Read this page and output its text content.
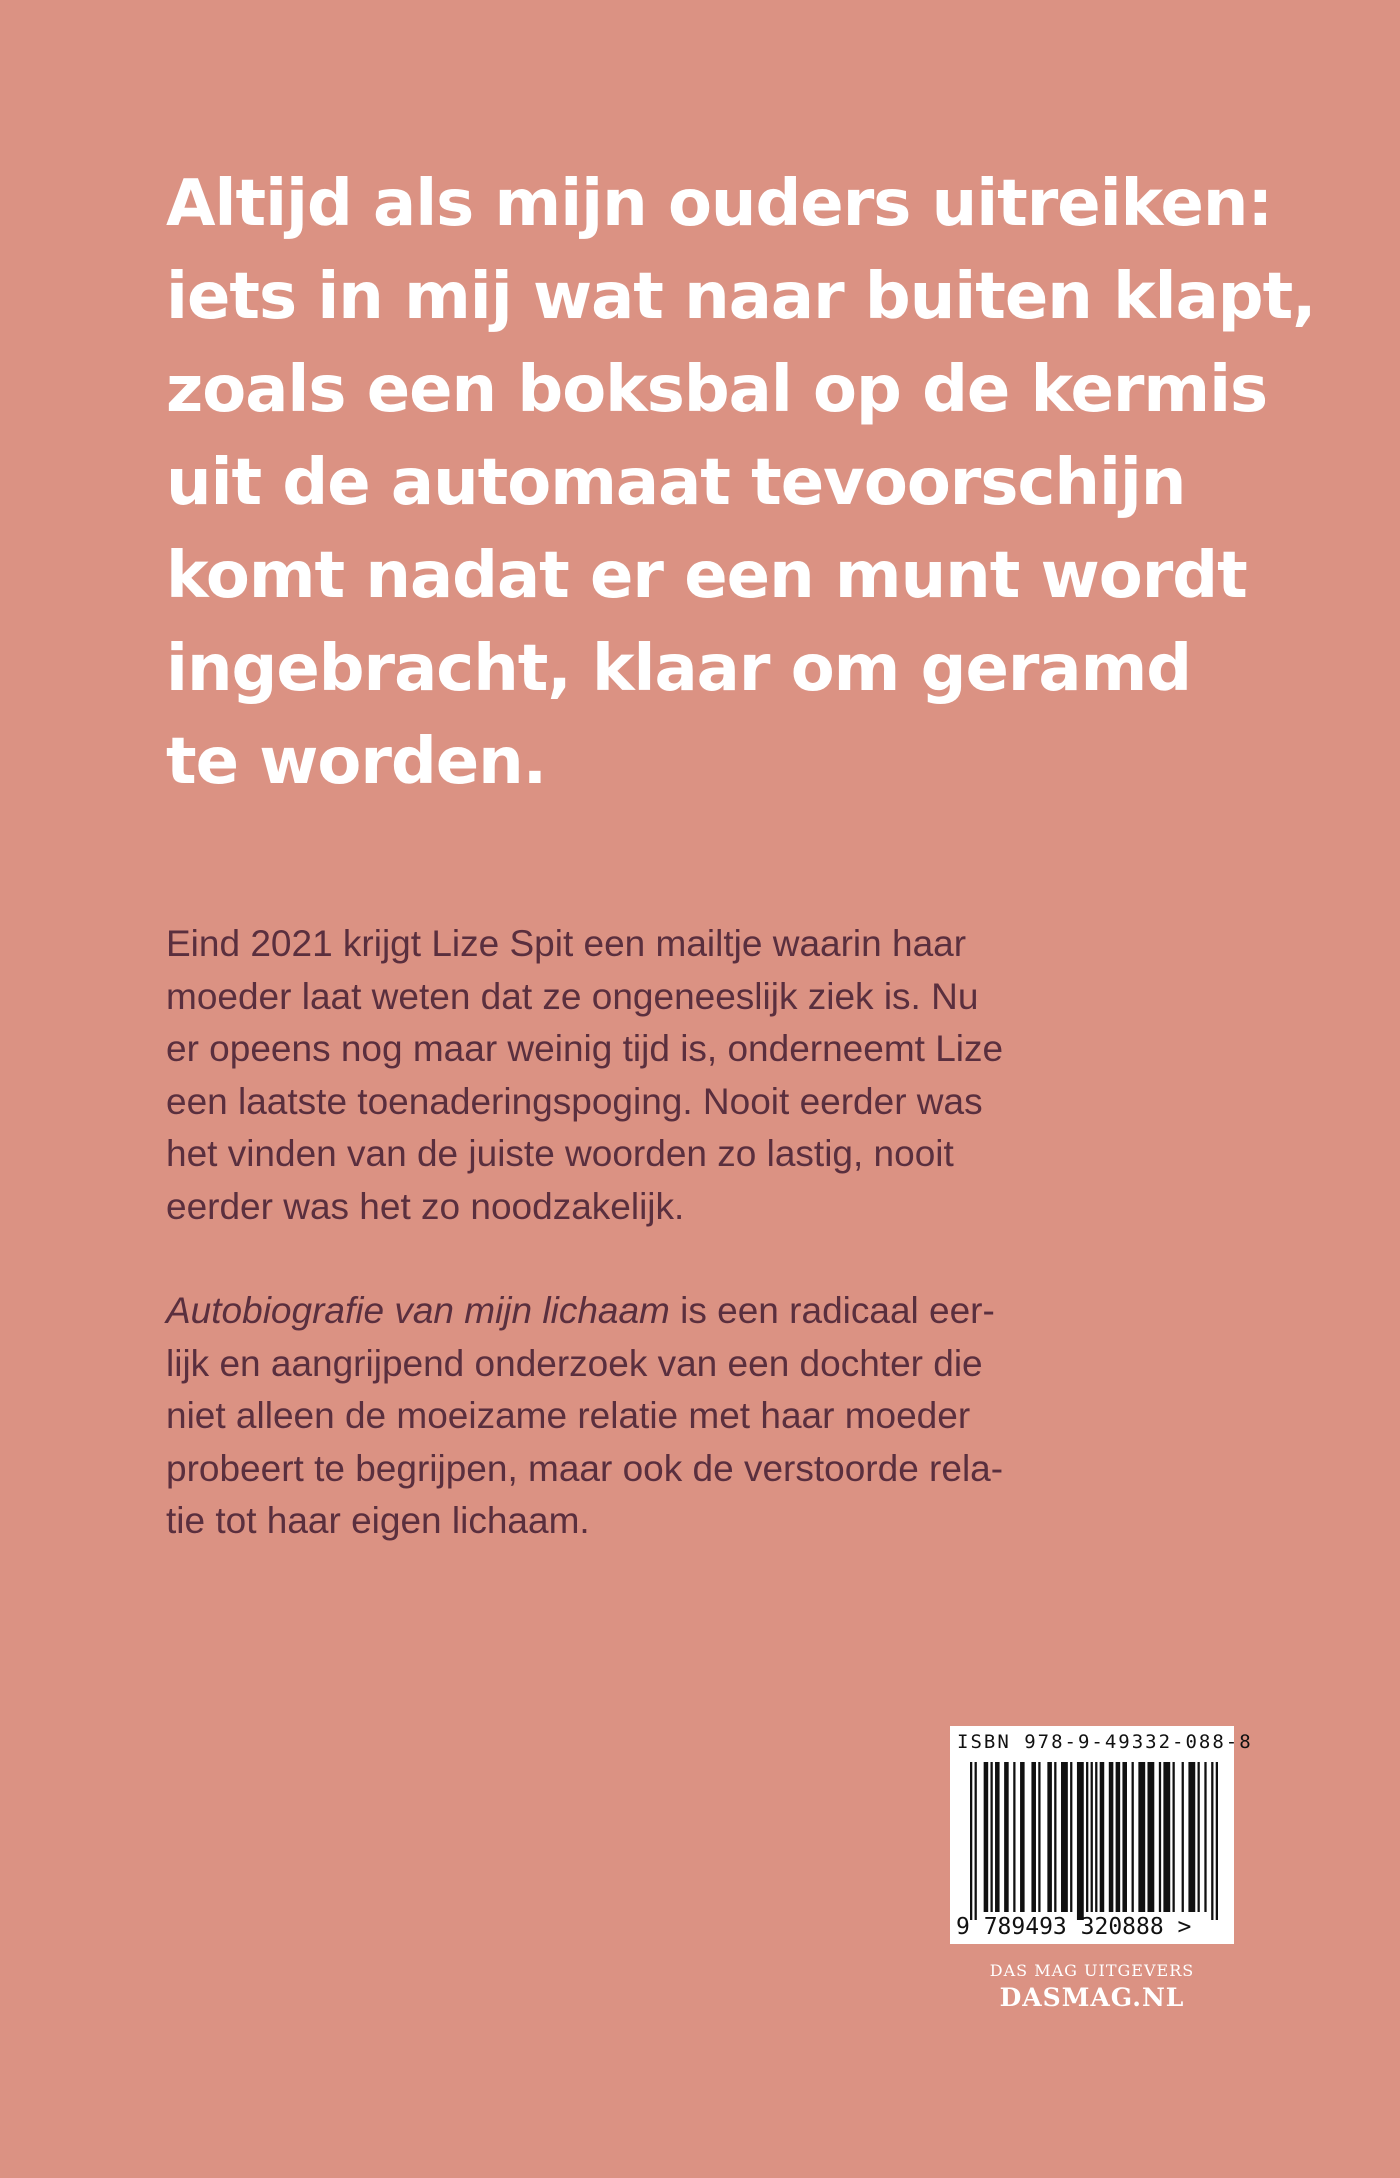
Altijd als mijn ouders uitreiken:
iets in mij wat naar buiten klapt,
zoals een boksbal op de kermis
uit de automaat tevoorschijn
komt nadat er een munt wordt
ingebracht, klaar om geramd
te worden.
Eind 2021 krijgt Lize Spit een mailtje waarin haar
moeder laat weten dat ze ongeneeslijk ziek is. Nu
er opeens nog maar weinig tijd is, onderneemt Lize
een laatste toenaderingspoging. Nooit eerder was
het vinden van de juiste woorden zo lastig, nooit
eerder was het zo noodzakelijk.
Autobiografie van mijn lichaam is een radicaal eer-
lijk en aangrijpend onderzoek van een dochter die
niet alleen de moeizame relatie met haar moeder
probeert te begrijpen, maar ook de verstoorde rela-
tie tot haar eigen lichaam.
ISBN 978-9-49332-088-8
9 789493 320888 >
DAS MAG UITGEVERS
DASMAG.NL
